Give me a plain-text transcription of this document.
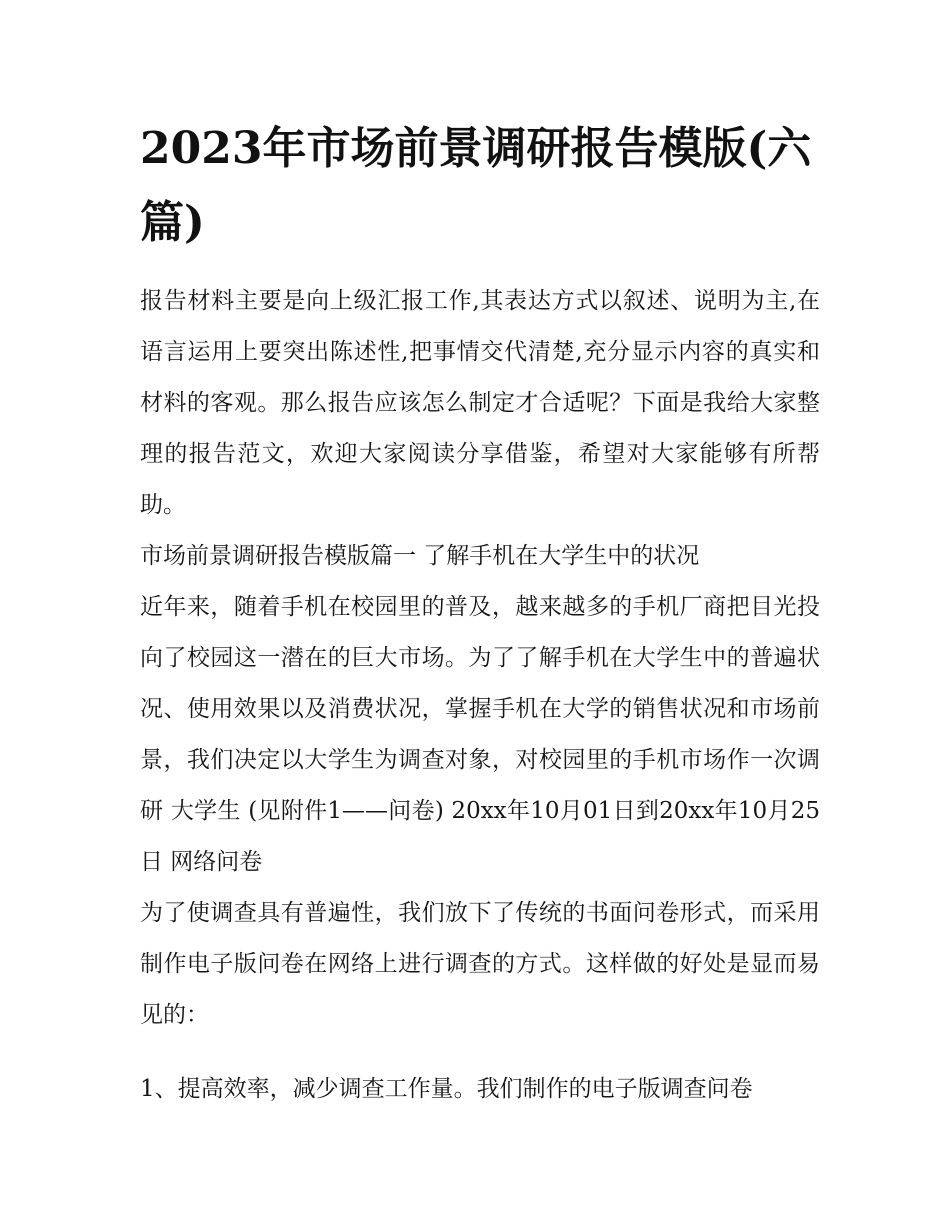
2023年市场前景调研报告模版(六篇)

报告材料主要是向上级汇报工作,其表达方式以叙述、说明为主,在语言运用上要突出陈述性,把事情交代清楚,充分显示内容的真实和材料的客观。那么报告应该怎么制定才合适呢？下面是我给大家整理的报告范文，欢迎大家阅读分享借鉴，希望对大家能够有所帮助。

市场前景调研报告模版篇一 了解手机在大学生中的状况

近年来，随着手机在校园里的普及，越来越多的手机厂商把目光投向了校园这一潜在的巨大市场。为了了解手机在大学生中的普遍状况、使用效果以及消费状况，掌握手机在大学的销售状况和市场前景，我们决定以大学生为调查对象，对校园里的手机市场作一次调研 大学生 (见附件1——问卷) 20xx年10月01日到20xx年10月25日 网络问卷

为了使调查具有普遍性，我们放下了传统的书面问卷形式，而采用制作电子版问卷在网络上进行调查的方式。这样做的好处是显而易见的：

1、提高效率，减少调查工作量。我们制作的电子版调查问卷
